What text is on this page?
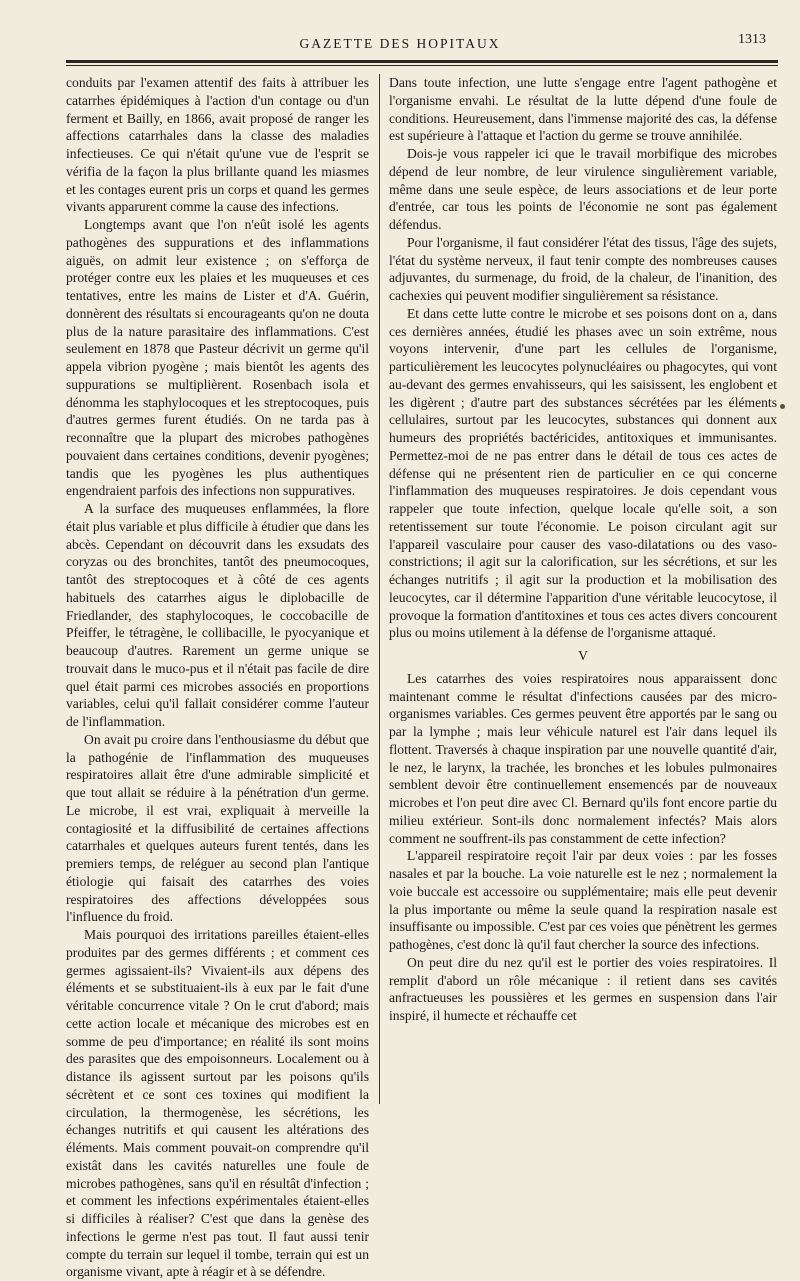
GAZETTE DES HOPITAUX	1313

conduits par l'examen attentif des faits à attribuer les catarrhes épidémiques à l'action d'un contage ou d'un ferment et Bailly, en 1866, avait proposé de ranger les affections catarrhales dans la classe des maladies infectieuses. Ce qui n'était qu'une vue de l'esprit se vérifia de la façon la plus brillante quand les miasmes et les contages eurent pris un corps et quand les germes vivants apparurent comme la cause des infections.

Longtemps avant que l'on n'eût isolé les agents pathogènes des suppurations et des inflammations aiguës, on admit leur existence ; on s'efforça de protéger contre eux les plaies et les muqueuses et ces tentatives, entre les mains de Lister et d'A. Guérin, donnèrent des résultats si encourageants qu'on ne douta plus de la nature parasitaire des inflammations. C'est seulement en 1878 que Pasteur décrivit un germe qu'il appela vibrion pyogène ; mais bientôt les agents des suppurations se multiplièrent. Rosenbach isola et dénomma les staphylocoques et les streptocoques, puis d'autres germes furent étudiés. On ne tarda pas à reconnaître que la plupart des microbes pathogènes pouvaient dans certaines conditions, devenir pyogènes; tandis que les pyogènes les plus authentiques engendraient parfois des infections non suppuratives.

A la surface des muqueuses enflammées, la flore était plus variable et plus difficile à étudier que dans les abcès. Cependant on découvrit dans les exsudats des coryzas ou des bronchites, tantôt des pneumocoques, tantôt des streptocoques et à côté de ces agents habituels des catarrhes aigus le diplobacille de Friedlander, des staphylocoques, le coccobacille de Pfeiffer, le tétragène, le collibacille, le pyocyanique et beaucoup d'autres. Rarement un germe unique se trouvait dans le muco-pus et il n'était pas facile de dire quel était parmi ces microbes associés en proportions variables, celui qu'il fallait considérer comme l'auteur de l'inflammation.

On avait pu croire dans l'enthousiasme du début que la pathogénie de l'inflammation des muqueuses respiratoires allait être d'une admirable simplicité et que tout allait se réduire à la pénétration d'un germe. Le microbe, il est vrai, expliquait à merveille la contagiosité et la diffusibilité de certaines affections catarrhales et quelques auteurs furent tentés, dans les premiers temps, de reléguer au second plan l'antique étiologie qui faisait des catarrhes des voies respiratoires des affections développées sous l'influence du froid.

Mais pourquoi des irritations pareilles étaient-elles produites par des germes différents ; et comment ces germes agissaient-ils? Vivaient-ils aux dépens des éléments et se substituaient-ils à eux par le fait d'une véritable concurrence vitale ? On le crut d'abord; mais cette action locale et mécanique des microbes est en somme de peu d'importance; en réalité ils sont moins des parasites que des empoisonneurs. Localement ou à distance ils agissent surtout par les poisons qu'ils sécrètent et ce sont ces toxines qui modifient la circulation, la thermogenèse, les sécrétions, les échanges nutritifs et qui causent les altérations des éléments. Mais comment pouvait-on comprendre qu'il existât dans les cavités naturelles une foule de microbes pathogènes, sans qu'il en résultât d'infection ; et comment les infections expérimentales étaient-elles si difficiles à réaliser? C'est que dans la genèse des infections le germe n'est pas tout. Il faut aussi tenir compte du terrain sur lequel il tombe, terrain qui est un organisme vivant, apte à réagir et à se défendre.

Dans toute infection, une lutte s'engage entre l'agent pathogène et l'organisme envahi. Le résultat de la lutte dépend d'une foule de conditions. Heureusement, dans l'immense majorité des cas, la défense est supérieure à l'attaque et l'action du germe se trouve annihilée.

Dois-je vous rappeler ici que le travail morbifique des microbes dépend de leur nombre, de leur virulence singulièrement variable, même dans une seule espèce, de leurs associations et de leur porte d'entrée, car tous les points de l'économie ne sont pas également défendus.

Pour l'organisme, il faut considérer l'état des tissus, l'âge des sujets, l'état du système nerveux, il faut tenir compte des nombreuses causes adjuvantes, du surmenage, du froid, de la chaleur, de l'inanition, des cachexies qui peuvent modifier singulièrement sa résistance.

Et dans cette lutte contre le microbe et ses poisons dont on a, dans ces dernières années, étudié les phases avec un soin extrême, nous voyons intervenir, d'une part les cellules de l'organisme, particulièrement les leucocytes polynucléaires ou phagocytes, qui vont au-devant des germes envahisseurs, qui les saisissent, les englobent et les digèrent ; d'autre part des substances sécrétées par les éléments cellulaires, surtout par les leucocytes, substances qui donnent aux humeurs des propriétés bactéricides, antitoxiques et immunisantes. Permettez-moi de ne pas entrer dans le détail de tous ces actes de défense qui ne présentent rien de particulier en ce qui concerne l'inflammation des muqueuses respiratoires. Je dois cependant vous rappeler que toute infection, quelque locale qu'elle soit, a son retentissement sur toute l'économie. Le poison circulant agit sur l'appareil vasculaire pour causer des vaso-dilatations ou des vaso-constrictions; il agit sur la calorification, sur les sécrétions, et sur les échanges nutritifs ; il agit sur la production et la mobilisation des leucocytes, car il détermine l'apparition d'une véritable leucocytose, il provoque la formation d'antitoxines et tous ces actes divers concourent plus ou moins utilement à la défense de l'organisme attaqué.

V

Les catarrhes des voies respiratoires nous apparaissent donc maintenant comme le résultat d'infections causées par des micro-organismes variables. Ces germes peuvent être apportés par le sang ou par la lymphe ; mais leur véhicule naturel est l'air dans lequel ils flottent. Traversés à chaque inspiration par une nouvelle quantité d'air, le nez, le larynx, la trachée, les bronches et les lobules pulmonaires semblent devoir être continuellement ensemencés par de nouveaux microbes et l'on peut dire avec Cl. Bernard qu'ils font encore partie du milieu extérieur. Sont-ils donc normalement infectés? Mais alors comment ne souffrent-ils pas constamment de cette infection?

L'appareil respiratoire reçoit l'air par deux voies : par les fosses nasales et par la bouche. La voie naturelle est le nez ; normalement la voie buccale est accessoire ou supplémentaire; mais elle peut devenir la plus importante ou même la seule quand la respiration nasale est insuffisante ou impossible. C'est par ces voies que pénètrent les germes pathogènes, c'est donc là qu'il faut chercher la source des infections.

On peut dire du nez qu'il est le portier des voies respiratoires. Il remplit d'abord un rôle mécanique : il retient dans ses cavités anfractueuses les poussières et les germes en suspension dans l'air inspiré, il humecte et réchauffe cet
